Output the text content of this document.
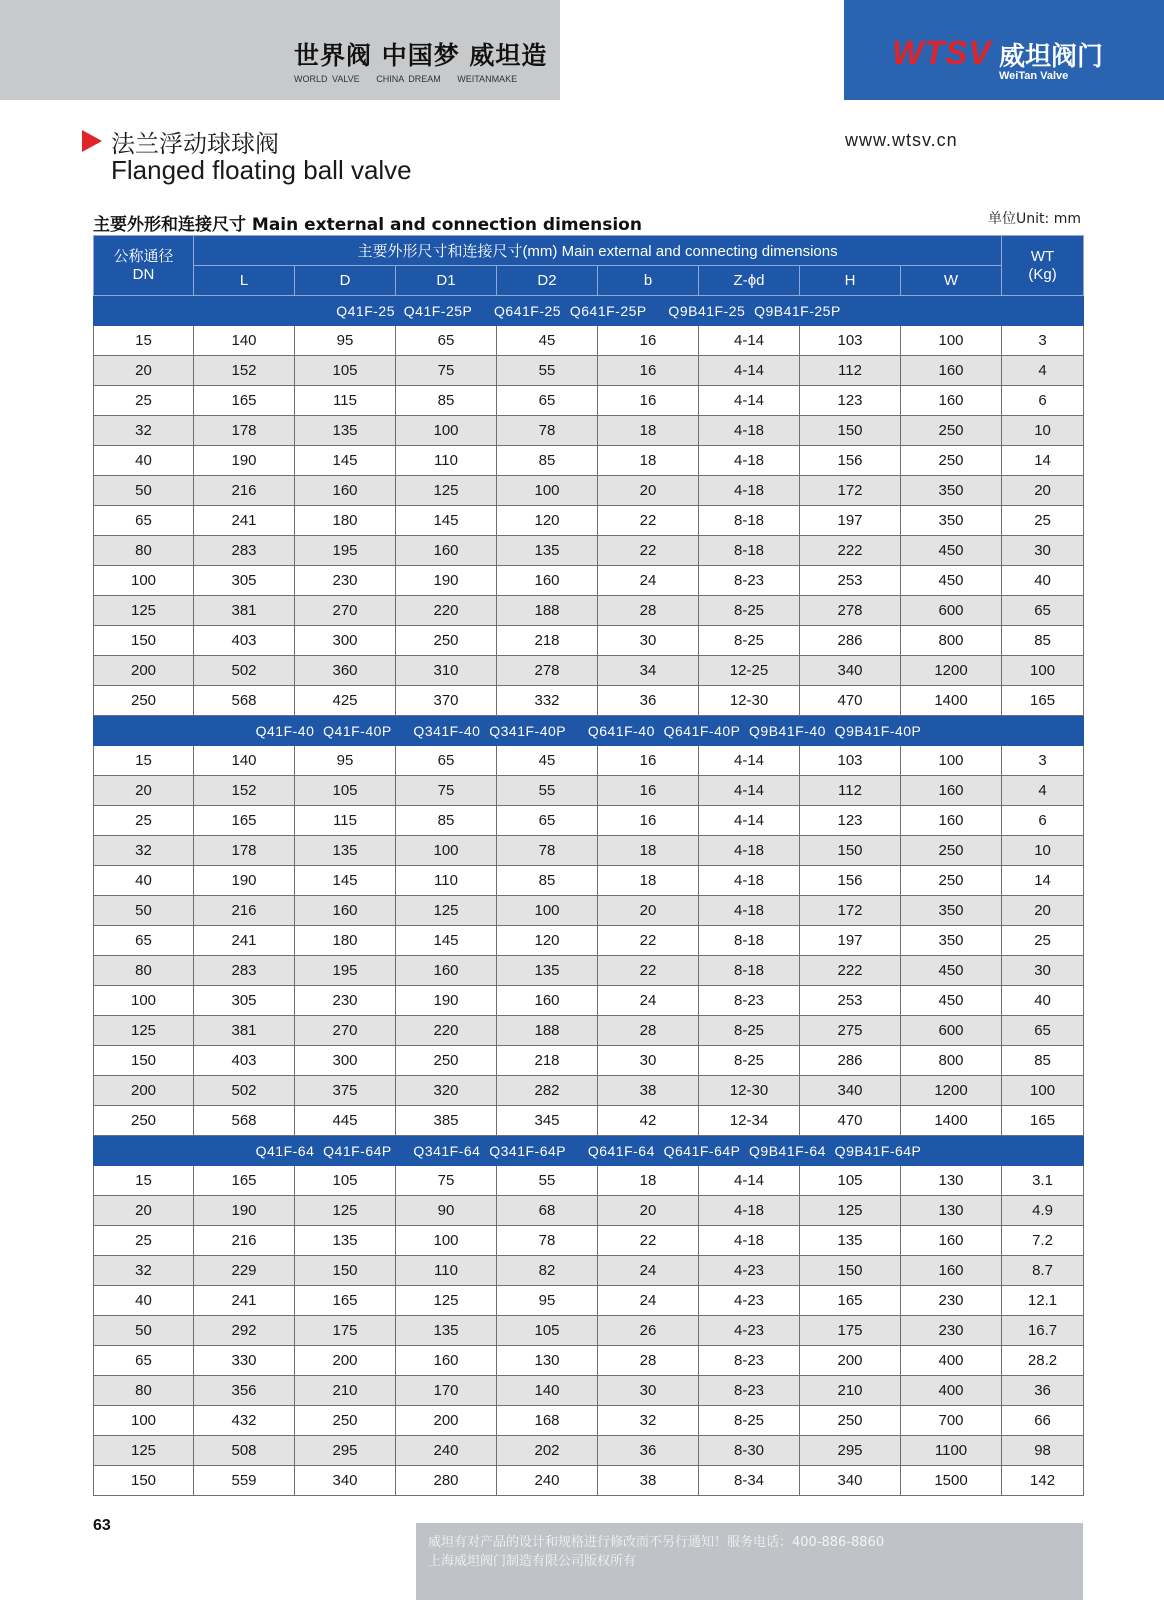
世界阀 中国梦 威坦造
WORLD VALVE CHINA DREAM WEITANMAKE
WTSV 威坦阀门
WeiTan Valve
法兰浮动球球阀
Flanged floating ball valve
www.wtsv.cn
主要外形和连接尺寸 Main external and connection dimension	单位Unit: mm
公称通径
DN	主要外形尺寸和连接尺寸(mm) Main external and connecting dimensions								WT
(Kg)
	L	D	D1	D2	b	Z-ϕd	H	W	
Q41F-25  Q41F-25P     Q641F-25  Q641F-25P     Q9B41F-25  Q9B41F-25P									
15	140	95	65	45	16	4-14	103	100	3
20	152	105	75	55	16	4-14	112	160	4
25	165	115	85	65	16	4-14	123	160	6
32	178	135	100	78	18	4-18	150	250	10
40	190	145	110	85	18	4-18	156	250	14
50	216	160	125	100	20	4-18	172	350	20
65	241	180	145	120	22	8-18	197	350	25
80	283	195	160	135	22	8-18	222	450	30
100	305	230	190	160	24	8-23	253	450	40
125	381	270	220	188	28	8-25	278	600	65
150	403	300	250	218	30	8-25	286	800	85
200	502	360	310	278	34	12-25	340	1200	100
250	568	425	370	332	36	12-30	470	1400	165
Q41F-40  Q41F-40P     Q341F-40  Q341F-40P     Q641F-40  Q641F-40P  Q9B41F-40  Q9B41F-40P									
15	140	95	65	45	16	4-14	103	100	3
20	152	105	75	55	16	4-14	112	160	4
25	165	115	85	65	16	4-14	123	160	6
32	178	135	100	78	18	4-18	150	250	10
40	190	145	110	85	18	4-18	156	250	14
50	216	160	125	100	20	4-18	172	350	20
65	241	180	145	120	22	8-18	197	350	25
80	283	195	160	135	22	8-18	222	450	30
100	305	230	190	160	24	8-23	253	450	40
125	381	270	220	188	28	8-25	275	600	65
150	403	300	250	218	30	8-25	286	800	85
200	502	375	320	282	38	12-30	340	1200	100
250	568	445	385	345	42	12-34	470	1400	165
Q41F-64  Q41F-64P     Q341F-64  Q341F-64P     Q641F-64  Q641F-64P  Q9B41F-64  Q9B41F-64P									
15	165	105	75	55	18	4-14	105	130	3.1
20	190	125	90	68	20	4-18	125	130	4.9
25	216	135	100	78	22	4-18	135	160	7.2
32	229	150	110	82	24	4-23	150	160	8.7
40	241	165	125	95	24	4-23	165	230	12.1
50	292	175	135	105	26	4-23	175	230	16.7
65	330	200	160	130	28	8-23	200	400	28.2
80	356	210	170	140	30	8-23	210	400	36
100	432	250	200	168	32	8-25	250	700	66
125	508	295	240	202	36	8-30	295	1100	98
150	559	340	280	240	38	8-34	340	1500	142
63
威坦有对产品的设计和规格进行修改而不另行通知！服务电话：400-886-8860
上海威坦阀门制造有限公司版权所有
